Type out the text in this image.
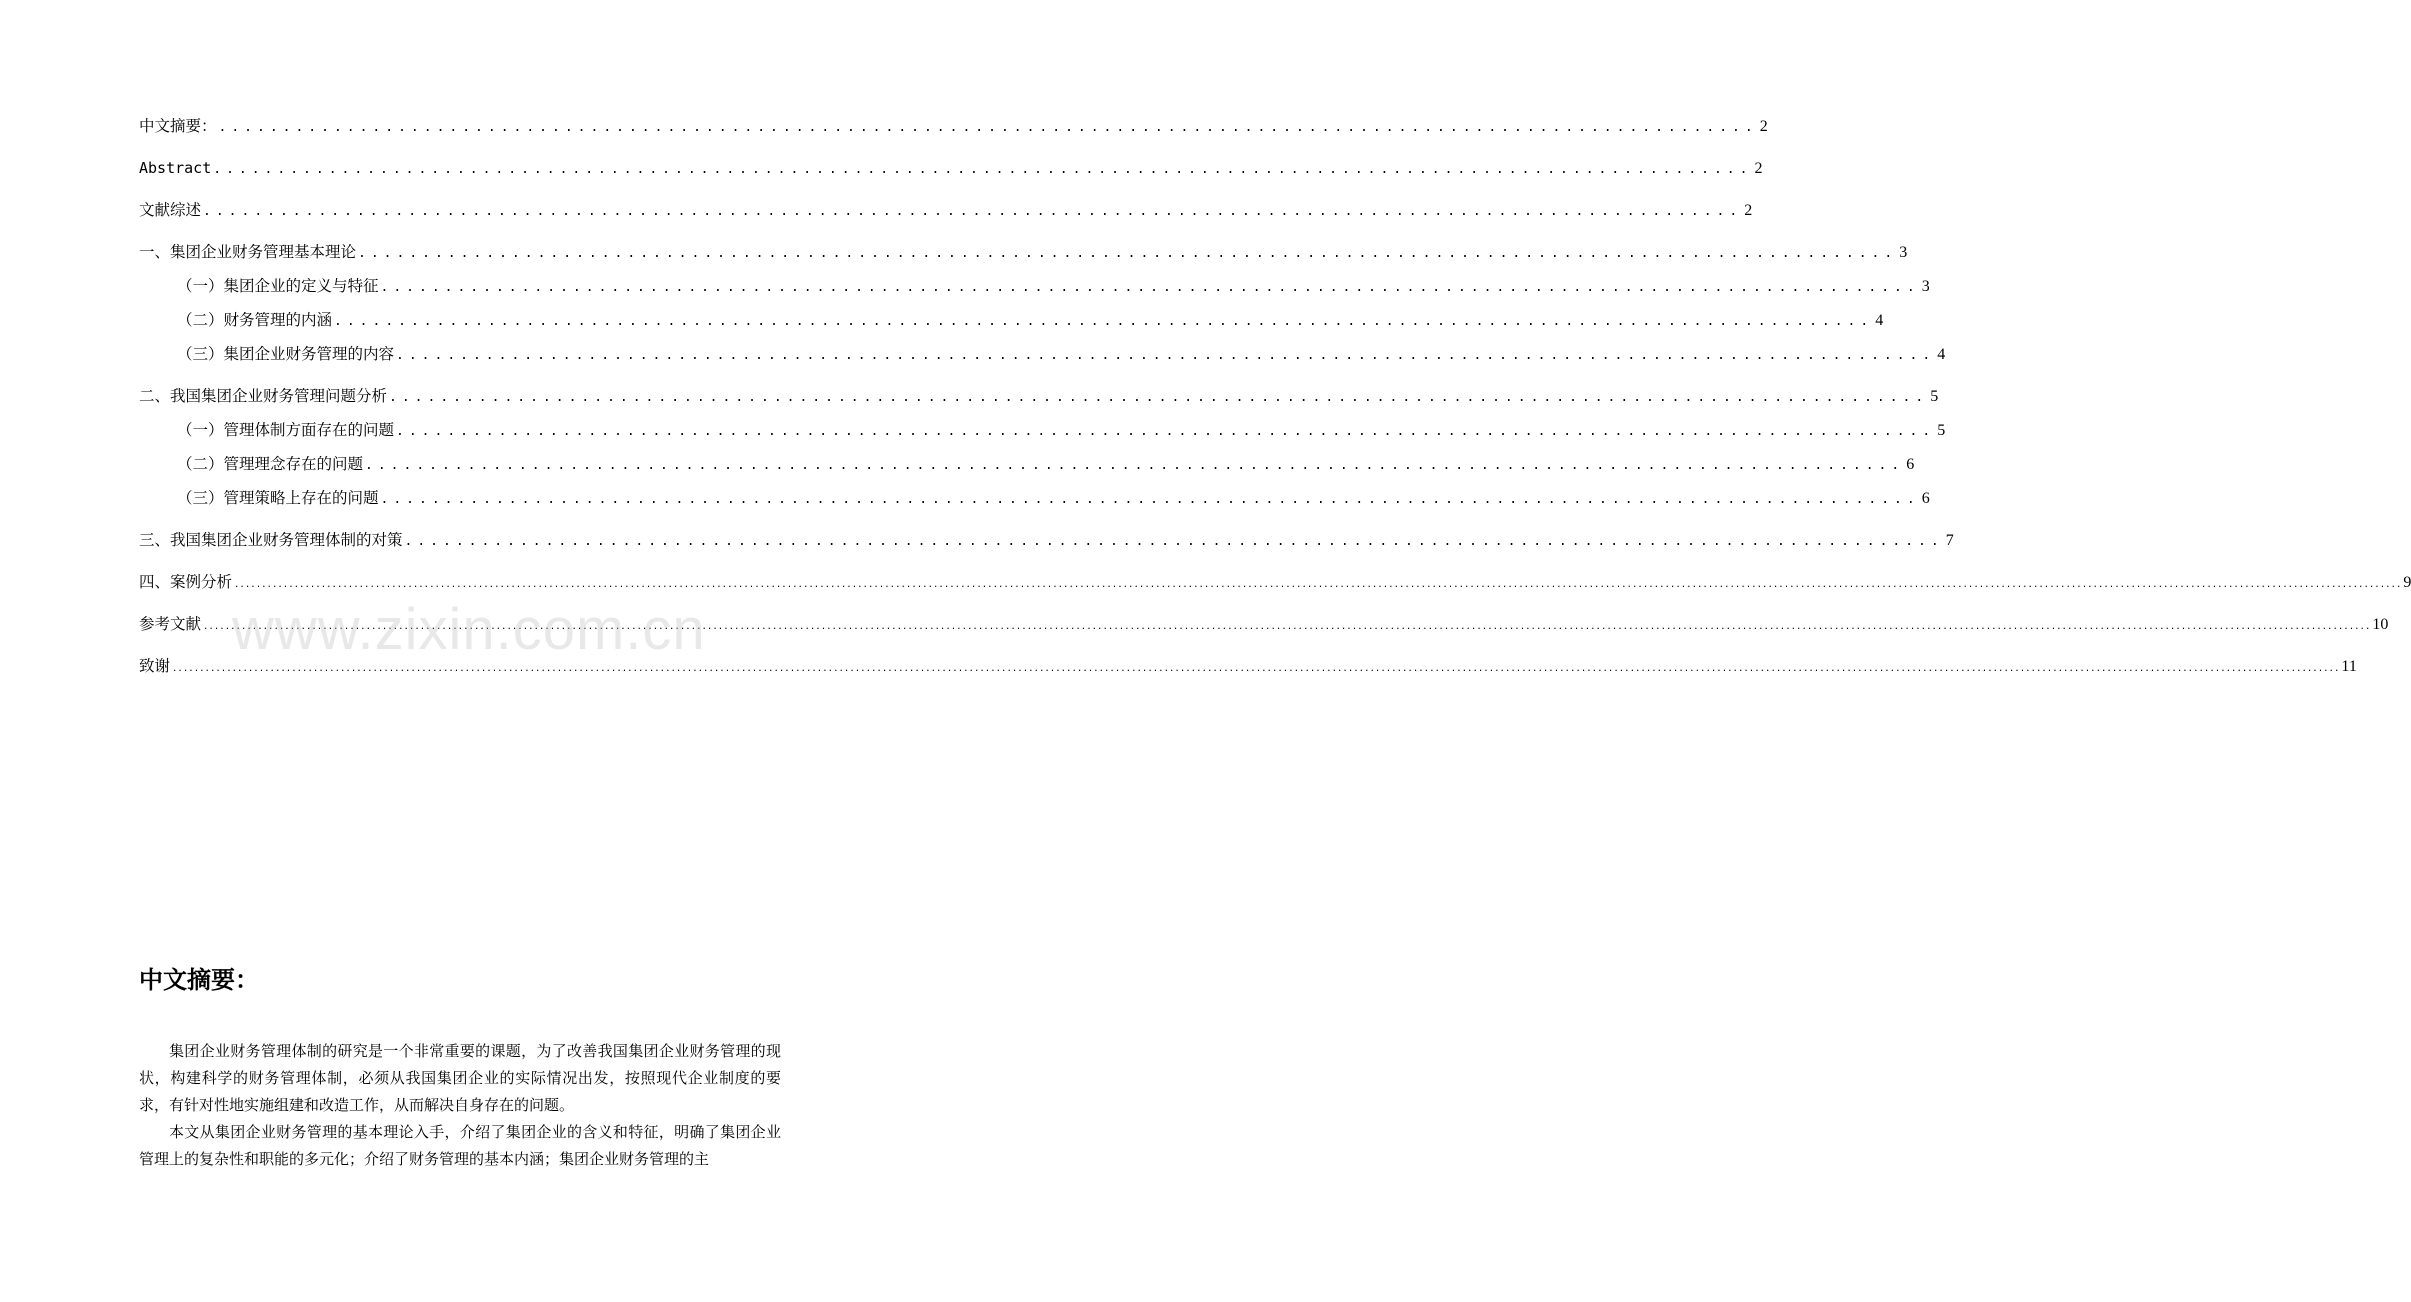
中文摘要： ........................................................................................................................ 2
Abstract ........................................................................................................................ 2
文献综述 ........................................................................................................................ 2
一、集团企业财务管理基本理论 ........................................................................................................................ 3
（一）集团企业的定义与特征 ........................................................................................................................ 3
（二）财务管理的内涵 ........................................................................................................................ 4
（三）集团企业财务管理的内容 ........................................................................................................................ 4
二、我国集团企业财务管理问题分析 ........................................................................................................................ 5
（一）管理体制方面存在的问题 ........................................................................................................................ 5
（二）管理理念存在的问题 ........................................................................................................................ 6
（三）管理策略上存在的问题 ........................................................................................................................ 6
三、我国集团企业财务管理体制的对策 ........................................................................................................................ 7
四、案例分析 ................................................................................................................................................................................................................................................................................................................................................................................................................ 9
参考文献 ................................................................................................................................................................................................................................................................................................................................................................................................................ 10
致谢 ................................................................................................................................................................................................................................................................................................................................................................................................................ 11
www.zixin.com.cn
中文摘要：

集团企业财务管理体制的研究是一个非常重要的课题，为了改善我国集团企业财务管理的现状，构建科学的财务管理体制，必须从我国集团企业的实际情况出发，按照现代企业制度的要求，有针对性地实施组建和改造工作，从而解决自身存在的问题。

本文从集团企业财务管理的基本理论入手，介绍了集团企业的含义和特征，明确了集团企业管理上的复杂性和职能的多元化；介绍了财务管理的基本内涵；集团企业财务管理的主
